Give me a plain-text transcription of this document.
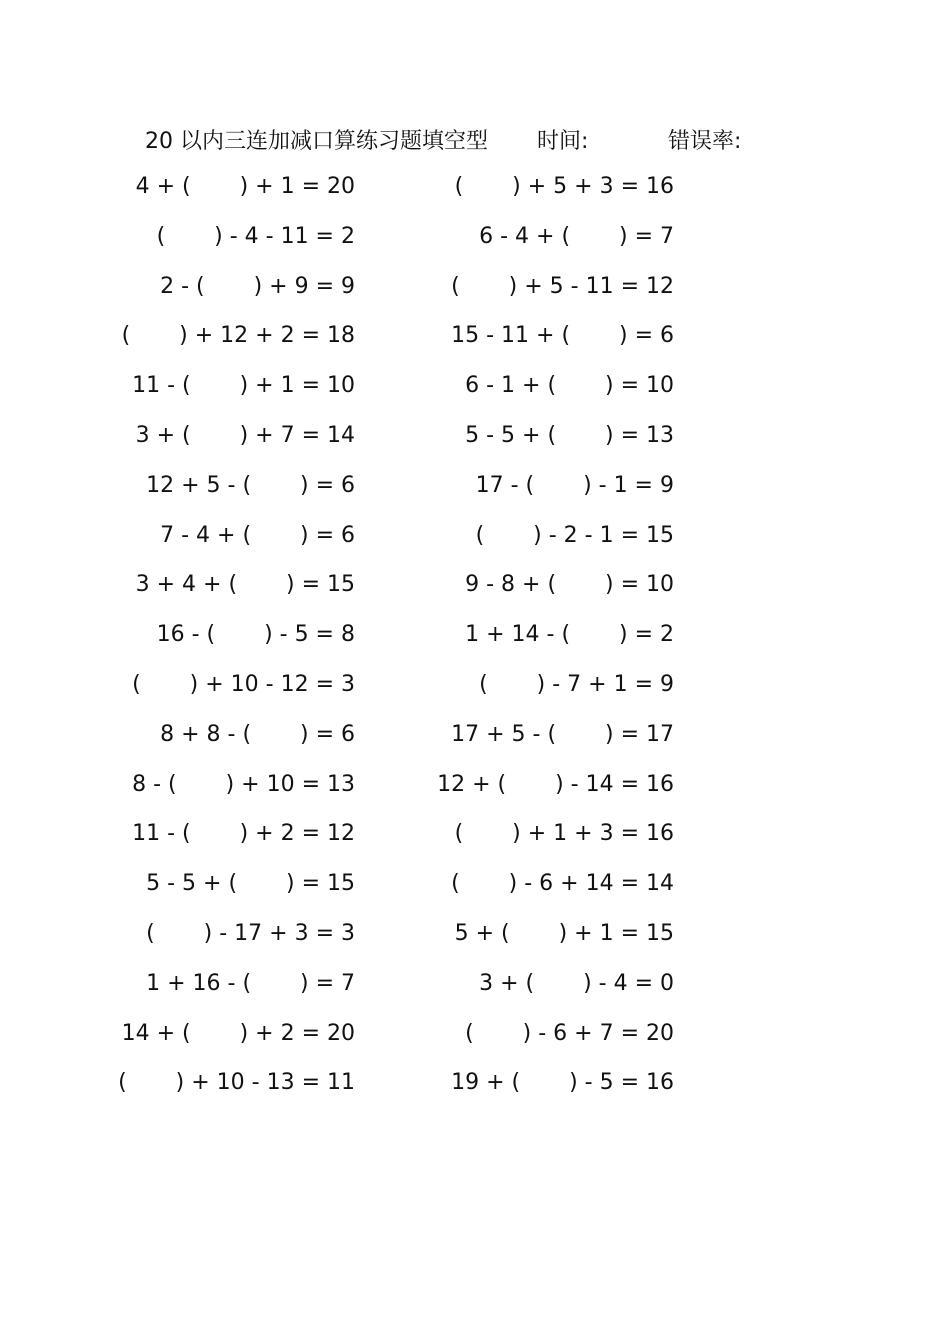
20 以内三连加减口算练习题填空型 时间:	错误率:
4 + (       ) + 1 = 20	(       ) + 5 + 3 = 16
(       ) - 4 - 11 = 2	6 - 4 + (       ) = 7
2 - (       ) + 9 = 9	(       ) + 5 - 11 = 12
(       ) + 12 + 2 = 18	15 - 11 + (       ) = 6
11 - (       ) + 1 = 10	6 - 1 + (       ) = 10
3 + (       ) + 7 = 14	5 - 5 + (       ) = 13
12 + 5 - (       ) = 6	17 - (       ) - 1 = 9
7 - 4 + (       ) = 6	(       ) - 2 - 1 = 15
3 + 4 + (       ) = 15	9 - 8 + (       ) = 10
16 - (       ) - 5 = 8	1 + 14 - (       ) = 2
(       ) + 10 - 12 = 3	(       ) - 7 + 1 = 9
8 + 8 - (       ) = 6	17 + 5 - (       ) = 17
8 - (       ) + 10 = 13	12 + (       ) - 14 = 16
11 - (       ) + 2 = 12	(       ) + 1 + 3 = 16
5 - 5 + (       ) = 15	(       ) - 6 + 14 = 14
(       ) - 17 + 3 = 3	5 + (       ) + 1 = 15
1 + 16 - (       ) = 7	3 + (       ) - 4 = 0
14 + (       ) + 2 = 20	(       ) - 6 + 7 = 20
(       ) + 10 - 13 = 11	19 + (       ) - 5 = 16
